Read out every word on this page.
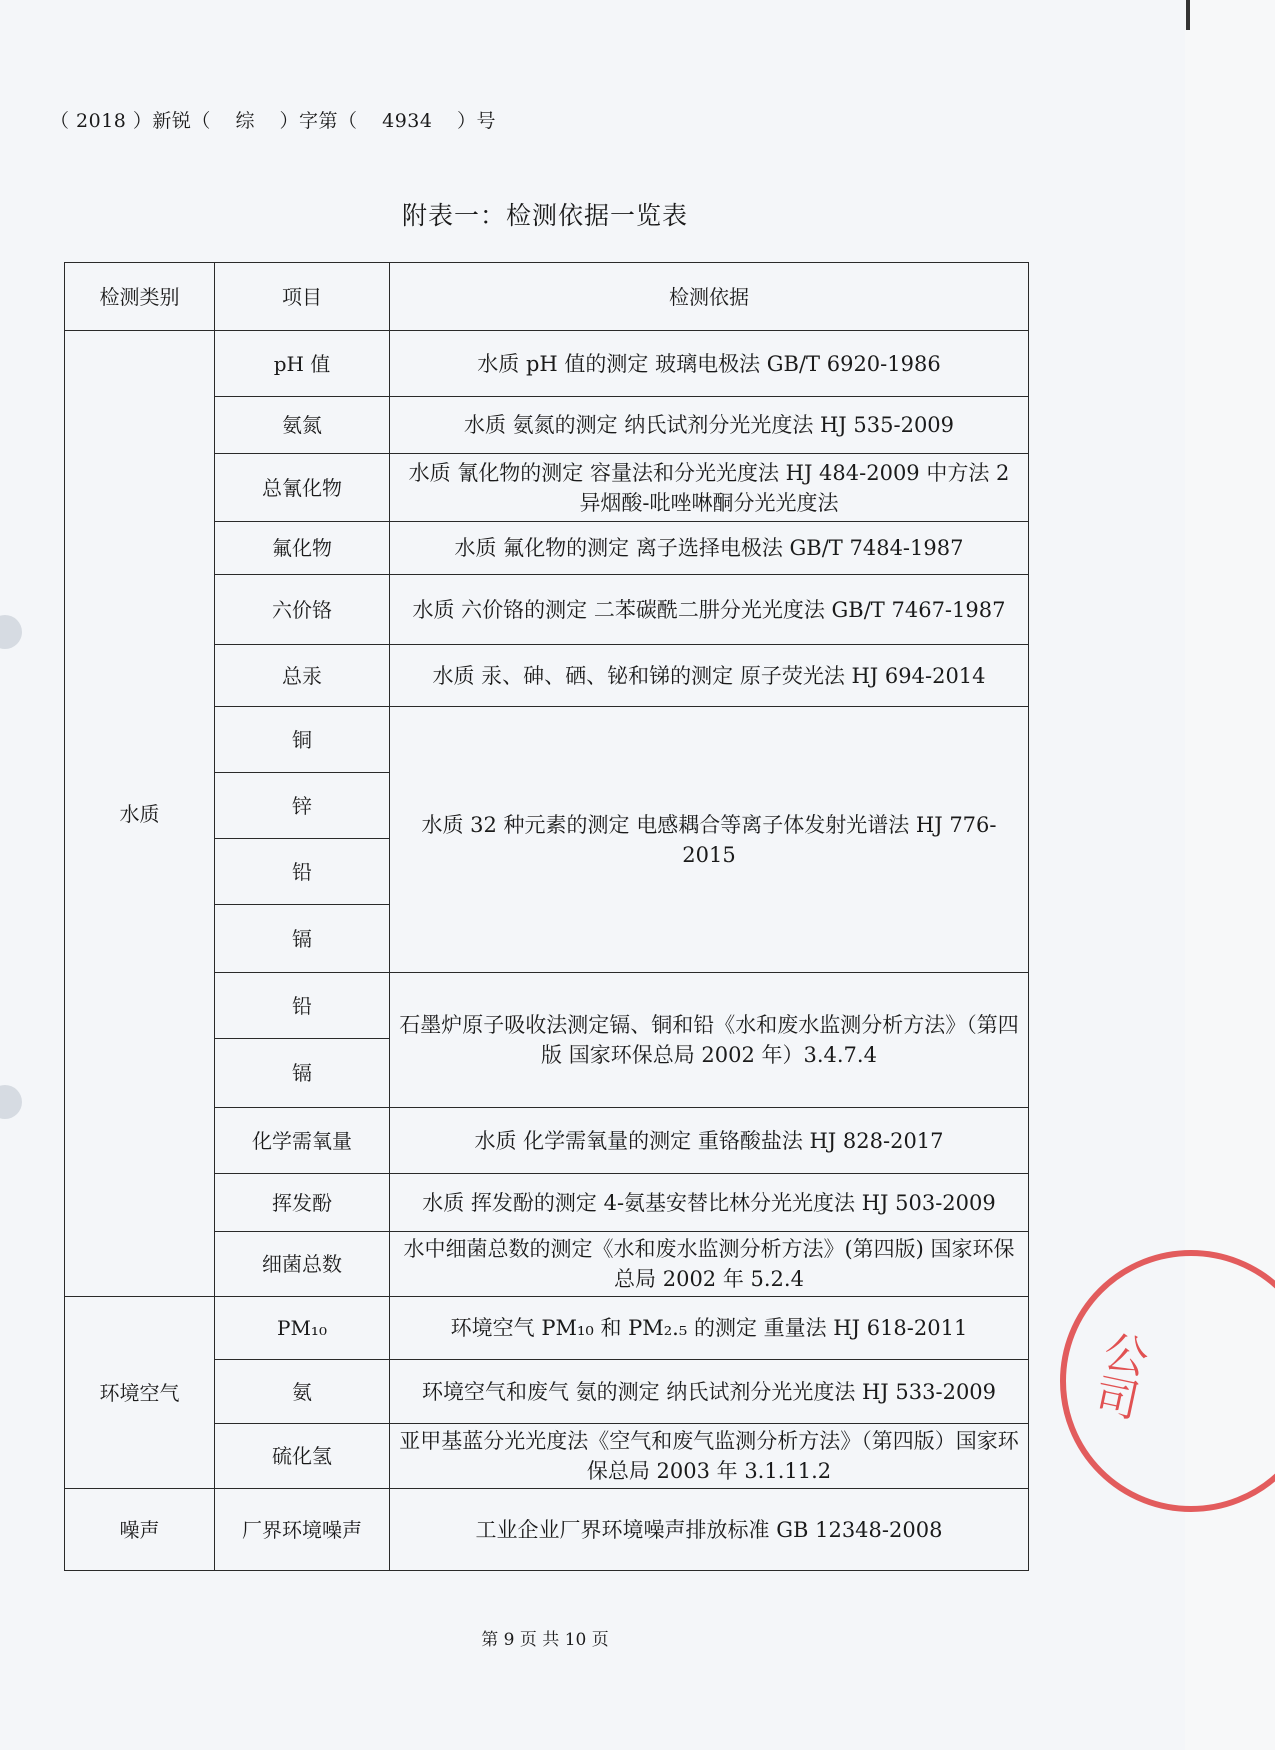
（ 2018 ）新锐（ 综 ）字第（ 4934 ）号
附表一：检测依据一览表
检测类别	项目	检测依据
水质	pH 值	水质 pH 值的测定 玻璃电极法 GB/T 6920-1986
	氨氮	水质 氨氮的测定 纳氏试剂分光光度法 HJ 535-2009
	总氰化物	水质 氰化物的测定 容量法和分光光度法 HJ 484-2009 中方法 2 异烟酸-吡唑啉酮分光光度法
	氟化物	水质 氟化物的测定 离子选择电极法 GB/T 7484-1987
	六价铬	水质 六价铬的测定 二苯碳酰二肼分光光度法 GB/T 7467-1987
	总汞	水质 汞、砷、硒、铋和锑的测定 原子荧光法 HJ 694-2014
	铜	水质 32 种元素的测定 电感耦合等离子体发射光谱法 HJ 776-2015
	锌	
	铅	
	镉	
	铅	石墨炉原子吸收法测定镉、铜和铅《水和废水监测分析方法》（第四版 国家环保总局 2002 年）3.4.7.4
	镉	
	化学需氧量	水质 化学需氧量的测定 重铬酸盐法 HJ 828-2017
	挥发酚	水质 挥发酚的测定 4-氨基安替比林分光光度法 HJ 503-2009
	细菌总数	水中细菌总数的测定《水和废水监测分析方法》(第四版) 国家环保总局 2002 年 5.2.4
环境空气	PM₁₀	环境空气 PM₁₀ 和 PM₂.₅ 的测定 重量法 HJ 618-2011
	氨	环境空气和废气 氨的测定 纳氏试剂分光光度法 HJ 533-2009
	硫化氢	亚甲基蓝分光光度法《空气和废气监测分析方法》（第四版）国家环保总局 2003 年 3.1.11.2
噪声	厂界环境噪声	工业企业厂界环境噪声排放标准 GB 12348-2008
第 9 页 共 10 页
公司
